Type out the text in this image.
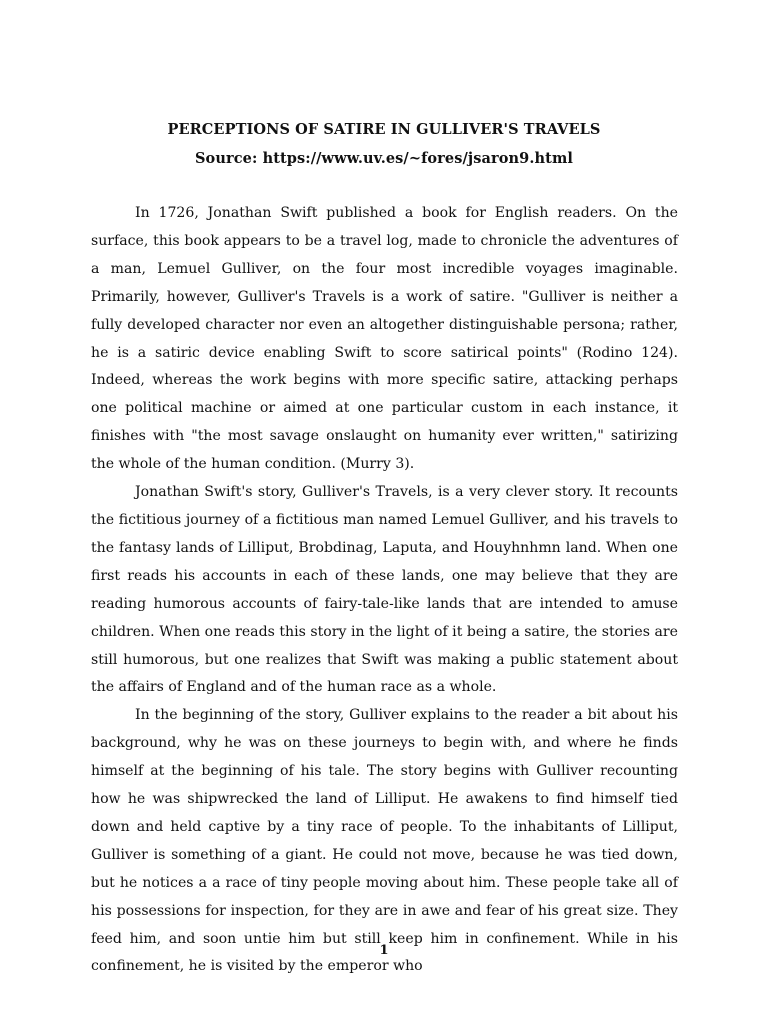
PERCEPTIONS OF SATIRE IN GULLIVER'S TRAVELS
Source: https://www.uv.es/~fores/jsaron9.html

In 1726, Jonathan Swift published a book for English readers. On the surface, this book appears to be a travel log, made to chronicle the adventures of a man, Lemuel Gulliver, on the four most incredible voyages imaginable. Primarily, however, Gulliver's Travels is a work of satire. "Gulliver is neither a fully developed character nor even an altogether distinguishable persona; rather, he is a satiric device enabling Swift to score satirical points" (Rodino 124). Indeed, whereas the work begins with more specific satire, attacking perhaps one political machine or aimed at one particular custom in each instance, it finishes with "the most savage onslaught on humanity ever written," satirizing the whole of the human condition. (Murry 3).

Jonathan Swift's story, Gulliver's Travels, is a very clever story. It recounts the fictitious journey of a fictitious man named Lemuel Gulliver, and his travels to the fantasy lands of Lilliput, Brobdinag, Laputa, and Houyhnhmn land. When one first reads his accounts in each of these lands, one may believe that they are reading humorous accounts of fairy-tale-like lands that are intended to amuse children. When one reads this story in the light of it being a satire, the stories are still humorous, but one realizes that Swift was making a public statement about the affairs of England and of the human race as a whole.

In the beginning of the story, Gulliver explains to the reader a bit about his background, why he was on these journeys to begin with, and where he finds himself at the beginning of his tale. The story begins with Gulliver recounting how he was shipwrecked the land of Lilliput. He awakens to find himself tied down and held captive by a tiny race of people. To the inhabitants of Lilliput, Gulliver is something of a giant. He could not move, because he was tied down, but he notices a a race of tiny people moving about him. These people take all of his possessions for inspection, for they are in awe and fear of his great size. They feed him, and soon untie him but still keep him in confinement. While in his confinement, he is visited by the emperor who

1
